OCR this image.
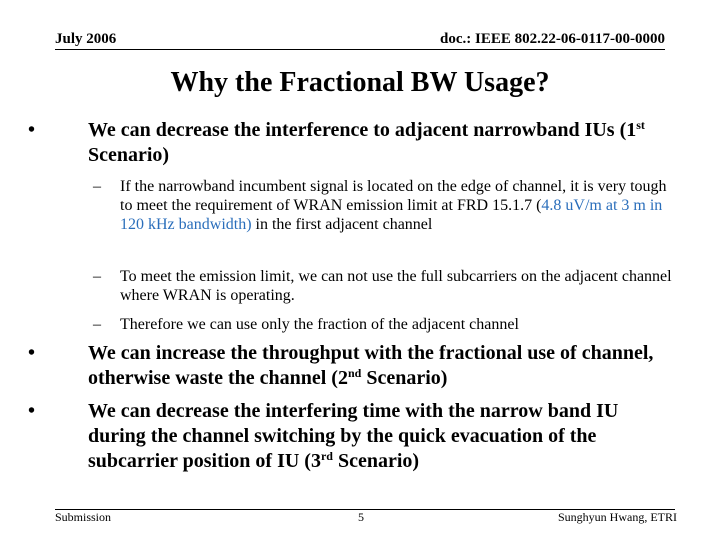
July 2006	doc.: IEEE 802.22-06-0117-00-0000
Why the Fractional BW Usage?
•	We can decrease the interference to adjacent narrowband IUs (1st Scenario)
– If the narrowband incumbent signal is located on the edge of channel, it is very tough to meet the requirement of WRAN emission limit at FRD 15.1.7 (4.8 uV/m at 3 m in 120 kHz bandwidth) in the first adjacent channel
– To meet the emission limit, we can not use the full subcarriers on the adjacent channel where WRAN is operating.
– Therefore we can use only the fraction of the adjacent channel
•	We can increase the throughput with the fractional use of channel, otherwise waste the channel (2nd Scenario)
•	We can decrease the interfering time with the narrow band IU during the channel switching by the quick evacuation of the subcarrier position of IU (3rd Scenario)
Submission	5	Sunghyun Hwang, ETRI
